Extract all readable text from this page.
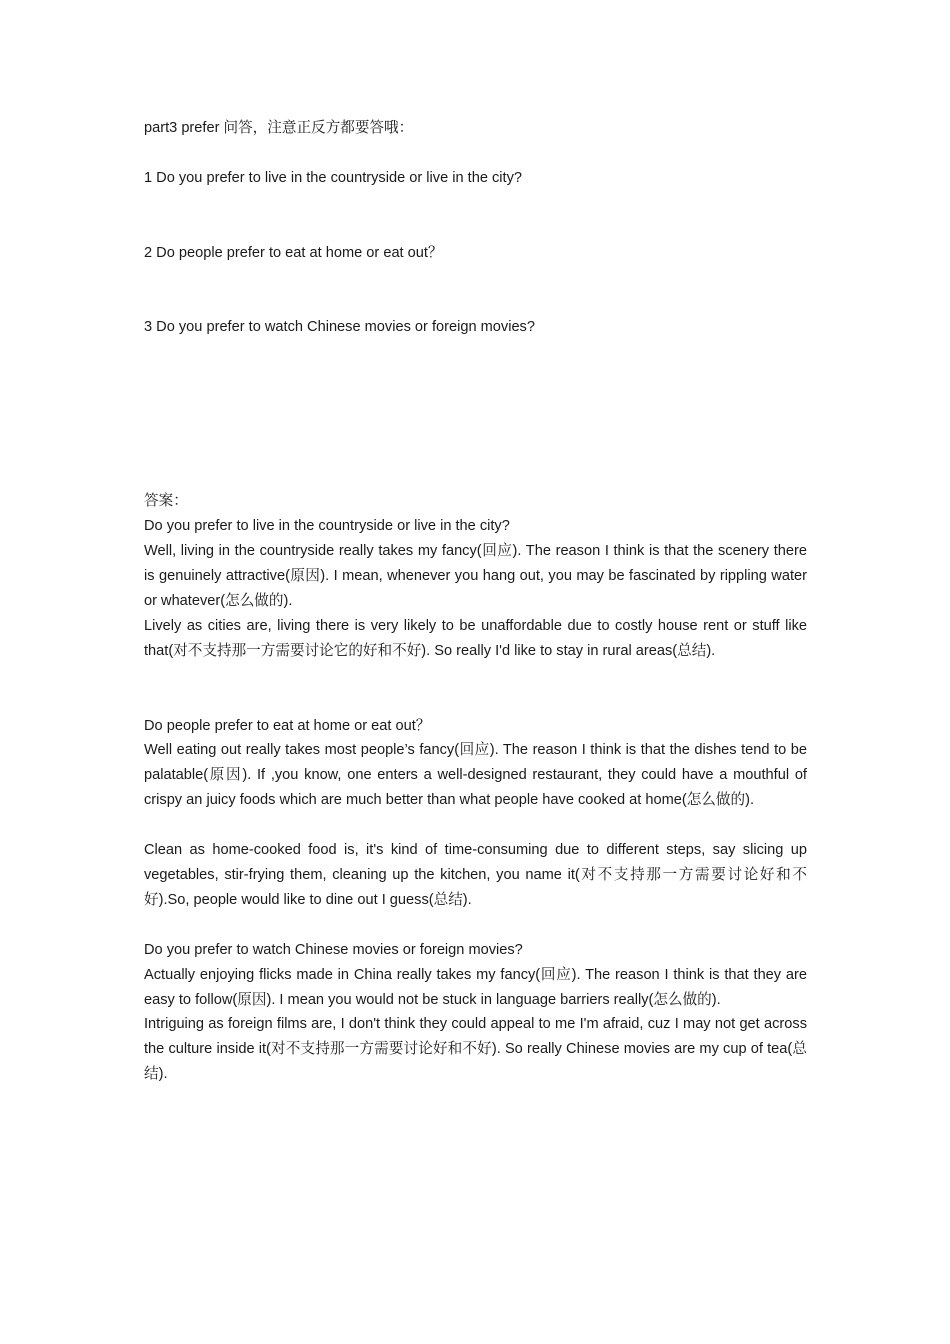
part3 prefer 问答，注意正反方都要答哦：
1 Do you prefer to live in the countryside or live in the city?
2 Do people prefer to eat at home or eat out？
3 Do you prefer to watch Chinese movies or foreign movies?
答案：
Do you prefer to live in the countryside or live in the city?
Well, living in the countryside really takes my fancy(回应). The reason I think is that the scenery there is genuinely attractive(原因). I mean, whenever you hang out, you may be fascinated by rippling water or whatever(怎么做的).
Lively as cities are, living there is very likely to be unaffordable due to costly house rent or stuff like that(对不支持那一方需要讨论它的好和不好). So really I'd like to stay in rural areas(总结).
Do people prefer to eat at home or eat out？
Well eating out really takes most people’s fancy(回应). The reason I think is that the dishes tend to be palatable(原因). If ,you know, one enters a well-designed restaurant, they could have a mouthful of crispy an juicy foods which are much better than what people have cooked at home(怎么做的).
Clean as home-cooked food is, it's kind of time-consuming due to different steps, say slicing up vegetables, stir-frying them, cleaning up the kitchen, you name it(对不支持那一方需要讨论好和不好).So, people would like to dine out I guess(总结).
Do you prefer to watch Chinese movies or foreign movies?
Actually enjoying flicks made in China really takes my fancy(回应). The reason I think is that they are easy to follow(原因). I mean you would not be stuck in language barriers really(怎么做的).
Intriguing as foreign films are, I don't think they could appeal to me I'm afraid, cuz I may not get across the culture inside it(对不支持那一方需要讨论好和不好). So really Chinese movies are my cup of tea(总结).
